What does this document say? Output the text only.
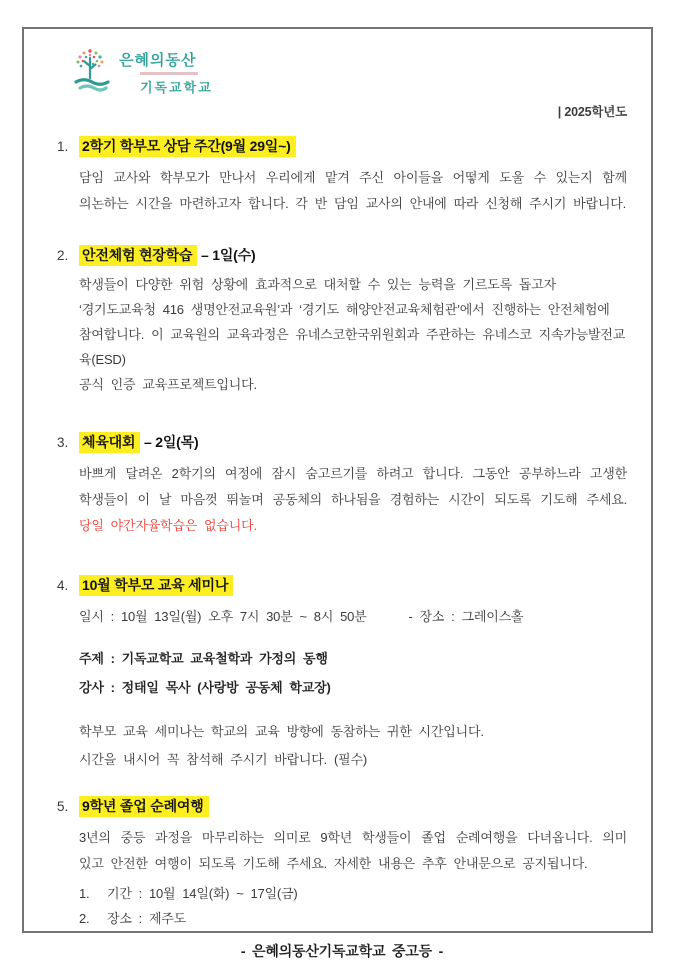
은혜의동산
기독교학교
| 2025학년도
1. 2학기 학부모 상담 주간(9월 29일~)
담임 교사와 학부모가 만나서 우리에게 맡겨 주신 아이들을 어떻게 도울 수 있는지 함께 의논하는 시간을 마련하고자 합니다. 각 반 담임 교사의 안내에 따라 신청해 주시기 바랍니다.
2. 안전체험 현장학습 – 1일(수)
학생들이 다양한 위험 상황에 효과적으로 대처할 수 있는 능력을 기르도록 돕고자
‘경기도교육청 416 생명안전교육원’과 ‘경기도 해양안전교육체험관’에서 진행하는 안전체험에
참여합니다. 이 교육원의 교육과정은 유네스코한국위원회과 주관하는 유네스코 지속가능발전교육(ESD)
공식 인증 교육프로젝트입니다.
3. 체육대회 – 2일(목)
바쁘게 달려온 2학기의 여정에 잠시 숨고르기를 하려고 합니다. 그동안 공부하느라 고생한 학생들이 이 날 마음껏 뛰놀며 공동체의 하나됨을 경험하는 시간이 되도록 기도해 주세요. 당일 야간자율학습은 없습니다.
4. 10월 학부모 교육 세미나
일시 : 10월 13일(월) 오후 7시 30분 ~ 8시 50분	- 장소 : 그레이스홀
주제 : 기독교학교 교육철학과 가정의 동행
강사 : 정태일 목사 (사랑방 공동체 학교장)
학부모 교육 세미나는 학교의 교육 방향에 동참하는 귀한 시간입니다.
시간을 내시어 꼭 참석해 주시기 바랍니다. (필수)
5. 9학년 졸업 순례여행
3년의 중등 과정을 마무리하는 의미로 9학년 학생들이 졸업 순례여행을 다녀옵니다. 의미 있고 안전한 여행이 되도록 기도해 주세요. 자세한 내용은 추후 안내문으로 공지됩니다.
1.	기간 : 10월 14일(화) ~ 17일(금)
2.	장소 : 제주도
- 은혜의동산기독교학교 중고등 -
